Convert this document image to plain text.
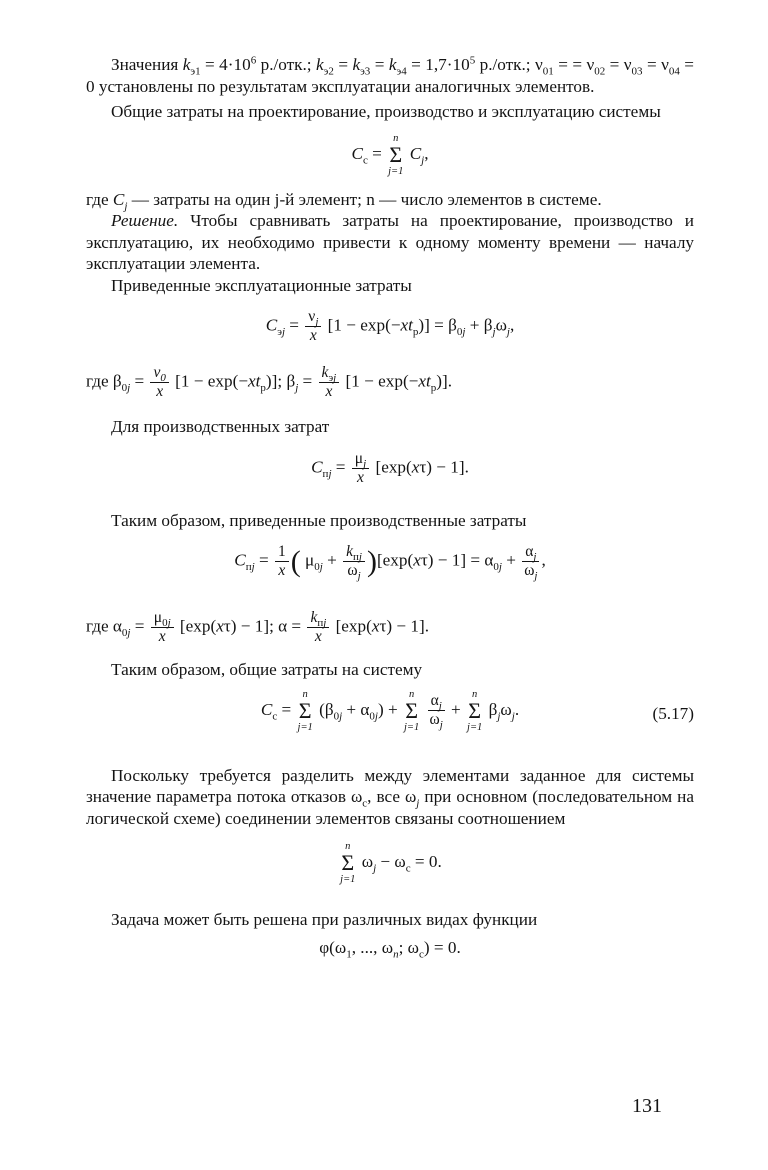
Значения $k_{э1} = 4\cdot 10^6$ р./отк.; $k_{э2} = k_{э3} = k_{э4} = 1,7\cdot 10^5$ р./отк.; $\nu_{01}$ = = $\nu_{02} = \nu_{03} = \nu_{04} = 0$ установлены по результатам эксплуатации аналогичных элементов.

Общие затраты на проектирование, производство и эксплуатацию системы

$C_с$ =
n
Σ
j=1
$C_j$,

где $C_j$ — затраты на один j-й элемент; n — число элементов в системе.

Решение. Чтобы сравнивать затраты на проектирование, производство и эксплуатацию, их необходимо привести к одному моменту времени — началу эксплуатации элемента.

Приведенные эксплуатационные затраты

$C_{эj} = \frac{\nu_j}{x} [1 - \exp(-xt_р)] = \beta_{0j} + \beta_j\omega_j$,
где $\beta_{0j} = \frac{\nu_0}{x} [1 - \exp(-xt_р)]$; $\beta_j = \frac{k_{эj}}{x} [1 - \exp(-xt_р)]$.

Для производственных затрат

$C_{пj} = \frac{\mu_j}{x} [\exp(x\tau) - 1]$.

Таким образом, приведенные производственные затраты

$C_{пj} = \frac{1}{x}$ ( $\mu_{0j} + \frac{k_{пj}}{\omega_j} )[\exp(x\tau) - 1] = \alpha_{0j} + \frac{\alpha_j}{\omega_j}$ ,
где $\alpha_{0j} = \frac{\mu_{0j}}{x} [\exp(x\tau) - 1]$; $\alpha = \frac{k_{пj}}{x} [\exp(x\tau) - 1]$.

Таким образом, общие затраты на систему

$C_с$ =
n
Σ
j=1
$(\beta_{0j} + \alpha_{0j})$ +
n
Σ
j=1
$\frac{\alpha_j}{\omega_j}$ +
n
Σ
j=1
$\beta_j\omega_j$.	(5.17)

Поскольку требуется разделить между элементами заданное для системы значение параметра потока отказов $\omega_с$, все $\omega_j$ при основном (последовательном на логической схеме) соединении элементов связаны соотношением

n
Σ
j=1
$\omega_j - \omega_с = 0$.

Задача может быть решена при различных видах функции

$\varphi(\omega_1$, ..., $\omega_n$; $\omega_с) = 0$.
131
